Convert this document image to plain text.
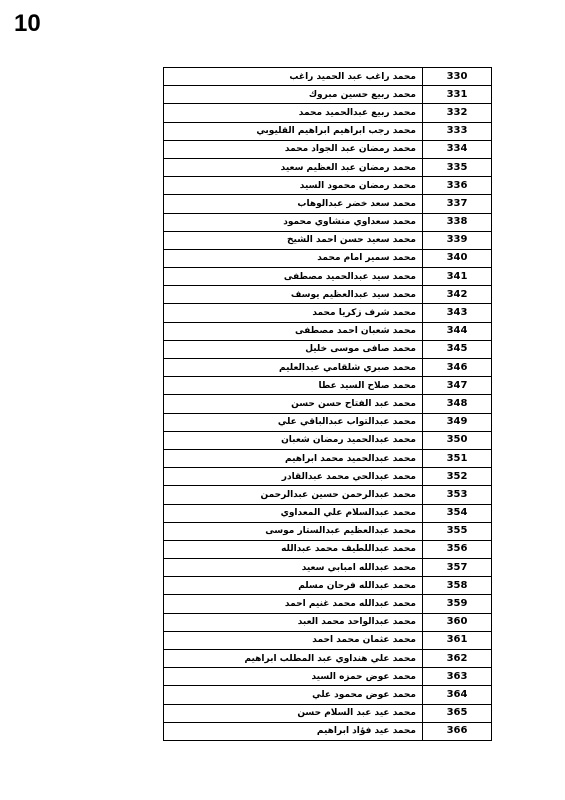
10
محمد راغب عبد الحميد راغب	330
محمد ربيع حسين مبروك	331
محمد ربيع عبدالحميد محمد	332
محمد رجب ابراهيم ابراهيم القليوبي	333
محمد رمضان عبد الجواد محمد	334
محمد رمضان عبد العظيم سعيد	335
محمد رمضان محمود السيد	336
محمد سعد خضر عبدالوهاب	337
محمد سعداوي منشاوي محمود	338
محمد سعيد حسن احمد الشيخ	339
محمد سمير امام محمد	340
محمد سيد عبدالحميد مصطفى	341
محمد سيد عبدالعظيم يوسف	342
محمد شرف زكريا محمد	343
محمد شعبان احمد مصطفى	344
محمد صافى موسى خليل	345
محمد صبري شلقامي عبدالعليم	346
محمد صلاح السيد عطا	347
محمد عبد الفتاح حسن حسن	348
محمد عبدالتواب عبدالباقي علي	349
محمد عبدالحميد رمضان شعبان	350
محمد عبدالحميد محمد ابراهيم	351
محمد عبدالحي محمد عبدالقادر	352
محمد عبدالرحمن حسين عبدالرحمن	353
محمد عبدالسلام علي المعداوي	354
محمد عبدالعظيم عبدالستار موسى	355
محمد عبداللطيف محمد عبدالله	356
محمد عبدالله امبابي سعيد	357
محمد عبدالله فرحان مسلم	358
محمد عبدالله محمد غنيم احمد	359
محمد عبدالواحد محمد العبد	360
محمد عثمان محمد احمد	361
محمد علي هنداوي عبد المطلب ابراهيم	362
محمد عوض حمزه السيد	363
محمد عوض محمود علي	364
محمد عيد عبد السلام حسن	365
محمد عيد فؤاد ابراهيم	366
